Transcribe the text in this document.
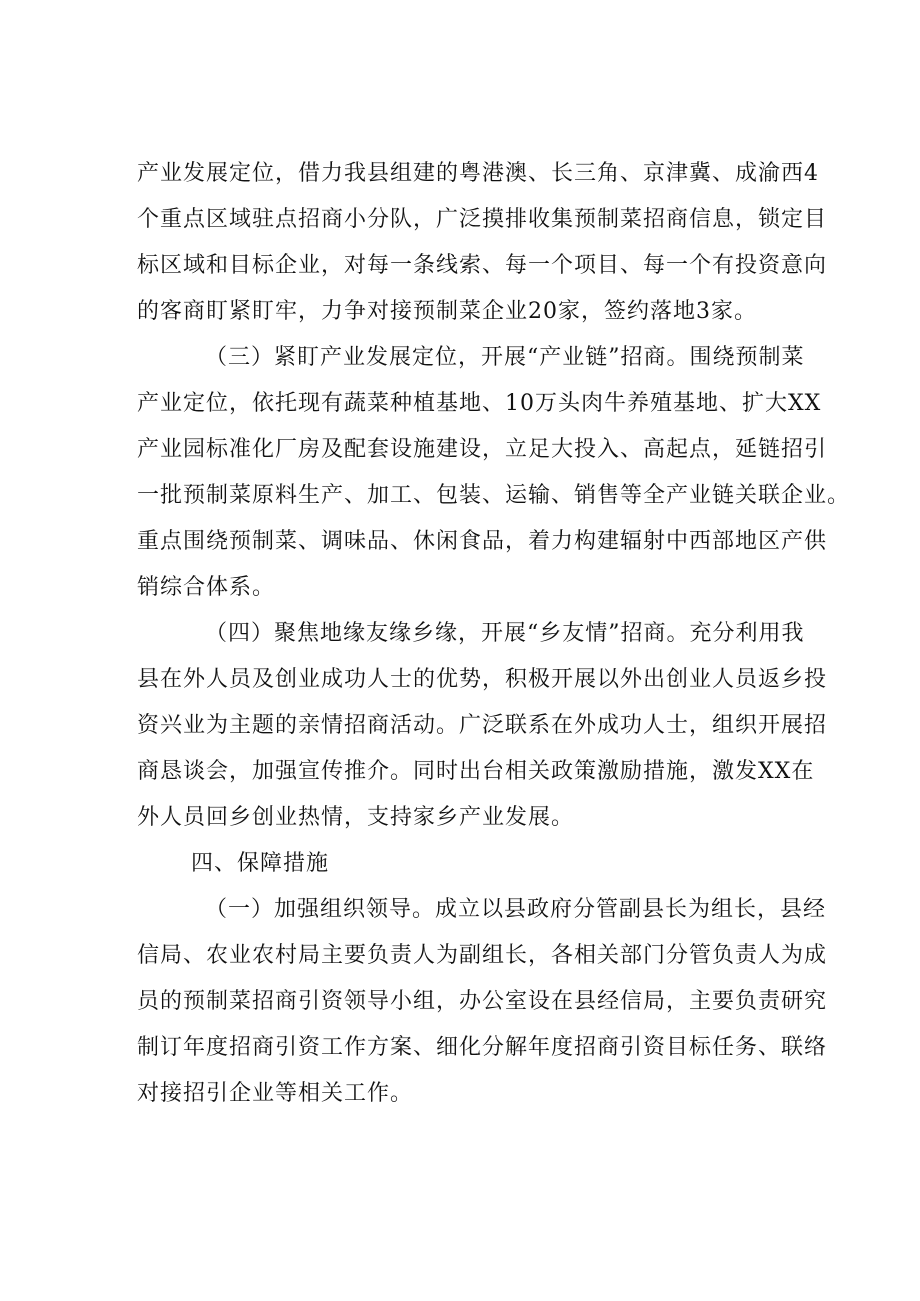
产业发展定位，借力我县组建的粤港澳、长三角、京津冀、成渝西4
个重点区域驻点招商小分队，广泛摸排收集预制菜招商信息，锁定目
标区域和目标企业，对每一条线索、每一个项目、每一个有投资意向
的客商盯紧盯牢，力争对接预制菜企业20家，签约落地3家。
（三）紧盯产业发展定位，开展“产业链”招商。围绕预制菜
产业定位，依托现有蔬菜种植基地、10万头肉牛养殖基地、扩大XX
产业园标准化厂房及配套设施建设，立足大投入、高起点，延链招引
一批预制菜原料生产、加工、包装、运输、销售等全产业链关联企业。
重点围绕预制菜、调味品、休闲食品，着力构建辐射中西部地区产供
销综合体系。
（四）聚焦地缘友缘乡缘，开展“乡友情”招商。充分利用我
县在外人员及创业成功人士的优势，积极开展以外出创业人员返乡投
资兴业为主题的亲情招商活动。广泛联系在外成功人士，组织开展招
商恳谈会，加强宣传推介。同时出台相关政策激励措施，激发XX在
外人员回乡创业热情，支持家乡产业发展。
四、保障措施
（一）加强组织领导。成立以县政府分管副县长为组长，县经
信局、农业农村局主要负责人为副组长，各相关部门分管负责人为成
员的预制菜招商引资领导小组，办公室设在县经信局，主要负责研究
制订年度招商引资工作方案、细化分解年度招商引资目标任务、联络
对接招引企业等相关工作。
